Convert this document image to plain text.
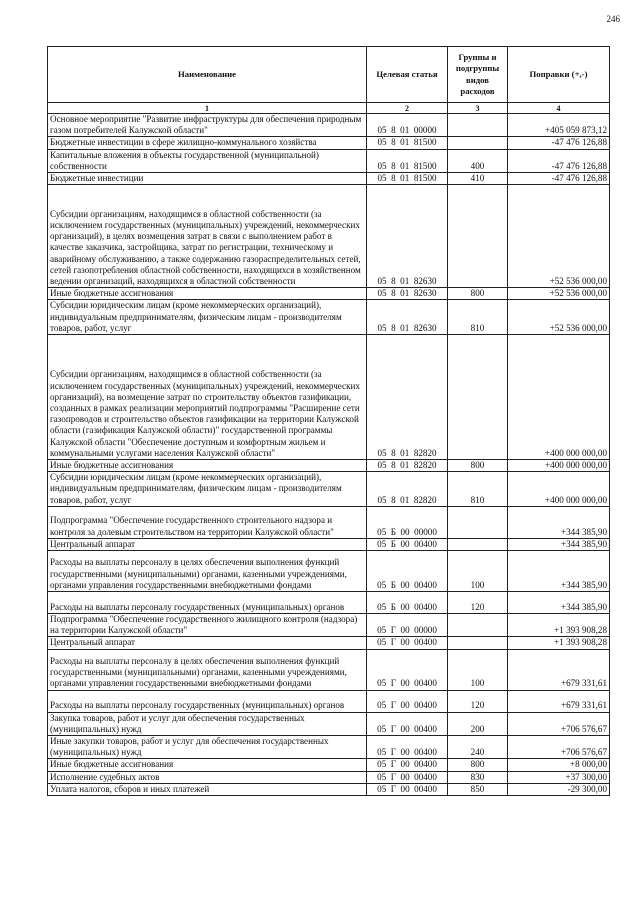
246
Наименование	Целевая статья	Группы и подгруппы видов расходов	Поправки (+,-)
1	2	3	4
Основное мероприятие "Развитие инфраструктуры для обеспечения природным газом потребителей Калужской области"	05  8  01  00000		+405 059 873,12
Бюджетные инвестиции в сфере жилищно-коммунального хозяйства	05  8  01  81500		-47 476 126,88
Капитальные вложения в объекты государственной (муниципальной) собственности	05  8  01  81500	400	-47 476 126,88
Бюджетные инвестиции	05  8  01  81500	410	-47 476 126,88
Субсидии организациям, находящимся в областной собственности (за исключением государственных (муниципальных) учреждений, некоммерческих организаций), в целях возмещения затрат в связи с выполнением работ в качестве заказчика, застройщика, затрат по регистрации, техническому и аварийному обслуживанию, а также содержанию газораспределительных сетей, сетей газопотребления областной собственности, находящихся в хозяйственном ведении организаций, находящихся в областной собственности	05  8  01  82630		+52 536 000,00
Иные бюджетные ассигнования	05  8  01  82630	800	+52 536 000,00
Субсидии юридическим лицам (кроме некоммерческих организаций), индивидуальным предпринимателям, физическим лицам - производителям товаров, работ, услуг	05  8  01  82630	810	+52 536 000,00
Субсидии организациям, находящимся в областной собственности (за исключением государственных (муниципальных) учреждений, некоммерческих организаций), на возмещение затрат по строительству объектов газификации, созданных в рамках реализации мероприятий подпрограммы "Расширение сети газопроводов и строительство объектов газификации на территории Калужской области (газификация Калужской области)" государственной программы Калужской области "Обеспечение доступным и комфортным жильем и коммунальными услугами населения Калужской области"	05  8  01  82820		+400 000 000,00
Иные бюджетные ассигнования	05  8  01  82820	800	+400 000 000,00
Субсидии юридическим лицам (кроме некоммерческих организаций), индивидуальным предпринимателям, физическим лицам - производителям товаров, работ, услуг	05  8  01  82820	810	+400 000 000,00
Подпрограмма "Обеспечение государственного строительного надзора и контроля за долевым строительством на территории Калужской области"	05  Б  00  00000		+344 385,90
Центральный аппарат	05  Б  00  00400		+344 385,90
Расходы на выплаты персоналу в целях обеспечения выполнения функций государственными (муниципальными) органами, казенными учреждениями, органами управления государственными внебюджетными фондами	05  Б  00  00400	100	+344 385,90
Расходы на выплаты персоналу государственных (муниципальных) органов	05  Б  00  00400	120	+344 385,90
Подпрограмма "Обеспечение государственного жилищного контроля (надзора) на территории Калужской области"	05  Г  00  00000		+1 393 908,28
Центральный аппарат	05  Г  00  00400		+1 393 908,28
Расходы на выплаты персоналу в целях обеспечения выполнения функций государственными (муниципальными) органами, казенными учреждениями, органами управления государственными внебюджетными фондами	05  Г  00  00400	100	+679 331,61
Расходы на выплаты персоналу государственных (муниципальных) органов	05  Г  00  00400	120	+679 331,61
Закупка товаров, работ и услуг для обеспечения государственных (муниципальных) нужд	05  Г  00  00400	200	+706 576,67
Иные закупки товаров, работ и услуг для обеспечения государственных (муниципальных) нужд	05  Г  00  00400	240	+706 576,67
Иные бюджетные ассигнования	05  Г  00  00400	800	+8 000,00
Исполнение судебных актов	05  Г  00  00400	830	+37 300,00
Уплата налогов, сборов и иных платежей	05  Г  00  00400	850	-29 300,00
